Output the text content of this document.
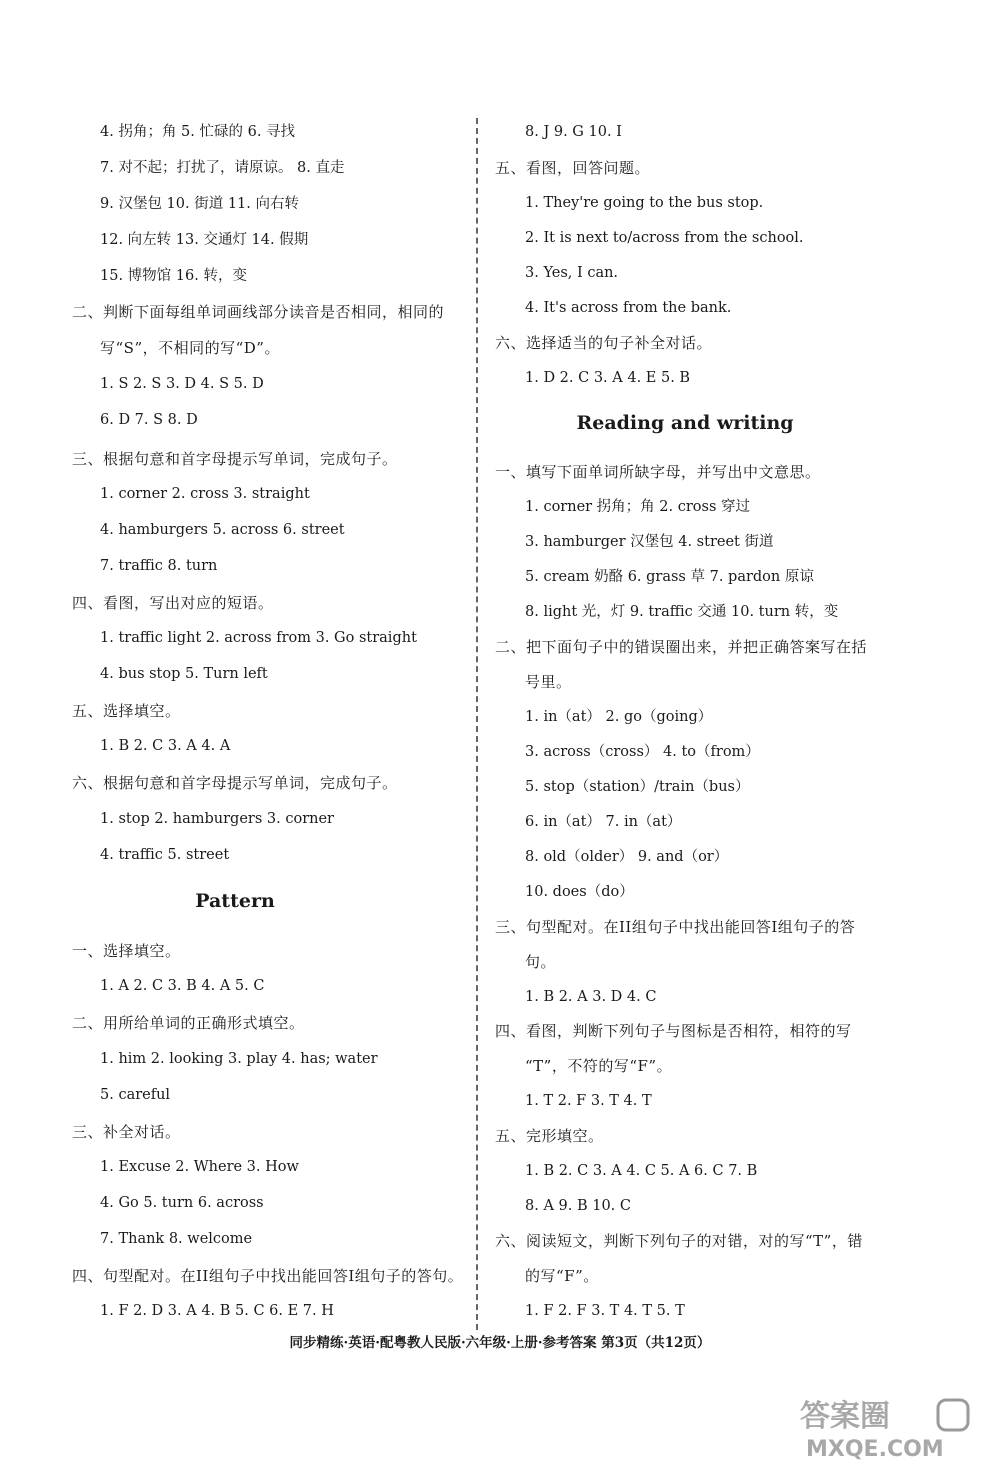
Pattern
Reading and writing
同步精练·英语·配粤教人民版·六年级·上册·参考答案 第3页（共12页）
答案圈
MXQE.COM
4. 拐角；角 5. 忙碌的 6. 寻找
7. 对不起；打扰了，请原谅。 8. 直走
9. 汉堡包 10. 街道 11. 向右转
12. 向左转 13. 交通灯 14. 假期
15. 博物馆 16. 转，变
二、判断下面每组单词画线部分读音是否相同，相同的
写“S”，不相同的写“D”。
1. S 2. S 3. D 4. S 5. D
6. D 7. S 8. D
三、根据句意和首字母提示写单词，完成句子。
1. corner 2. cross 3. straight
4. hamburgers 5. across 6. street
7. traffic 8. turn
四、看图，写出对应的短语。
1. traffic light 2. across from 3. Go straight
4. bus stop 5. Turn left
五、选择填空。
1. B 2. C 3. A 4. A
六、根据句意和首字母提示写单词，完成句子。
1. stop 2. hamburgers 3. corner
4. traffic 5. street
一、选择填空。
1. A 2. C 3. B 4. A 5. C
二、用所给单词的正确形式填空。
1. him 2. looking 3. play 4. has; water
5. careful
三、补全对话。
1. Excuse 2. Where 3. How
4. Go 5. turn 6. across
7. Thank 8. welcome
四、句型配对。在II组句子中找出能回答I组句子的答句。
1. F 2. D 3. A 4. B 5. C 6. E 7. H
8. J 9. G 10. I
五、看图，回答问题。
1. They're going to the bus stop.
2. It is next to/across from the school.
3. Yes, I can.
4. It's across from the bank.
六、选择适当的句子补全对话。
1. D 2. C 3. A 4. E 5. B
一、填写下面单词所缺字母，并写出中文意思。
1. corner 拐角；角 2. cross 穿过
3. hamburger 汉堡包 4. street 街道
5. cream 奶酪 6. grass 草 7. pardon 原谅
8. light 光，灯 9. traffic 交通 10. turn 转，变
二、把下面句子中的错误圈出来，并把正确答案写在括
号里。
1. in（at） 2. go（going）
3. across（cross） 4. to（from）
5. stop（station）/train（bus）
6. in（at） 7. in（at）
8. old（older） 9. and（or）
10. does（do）
三、句型配对。在II组句子中找出能回答I组句子的答
句。
1. B 2. A 3. D 4. C
四、看图，判断下列句子与图标是否相符，相符的写
“T”，不符的写“F”。
1. T 2. F 3. T 4. T
五、完形填空。
1. B 2. C 3. A 4. C 5. A 6. C 7. B
8. A 9. B 10. C
六、阅读短文，判断下列句子的对错，对的写“T”，错
的写“F”。
1. F 2. F 3. T 4. T 5. T
